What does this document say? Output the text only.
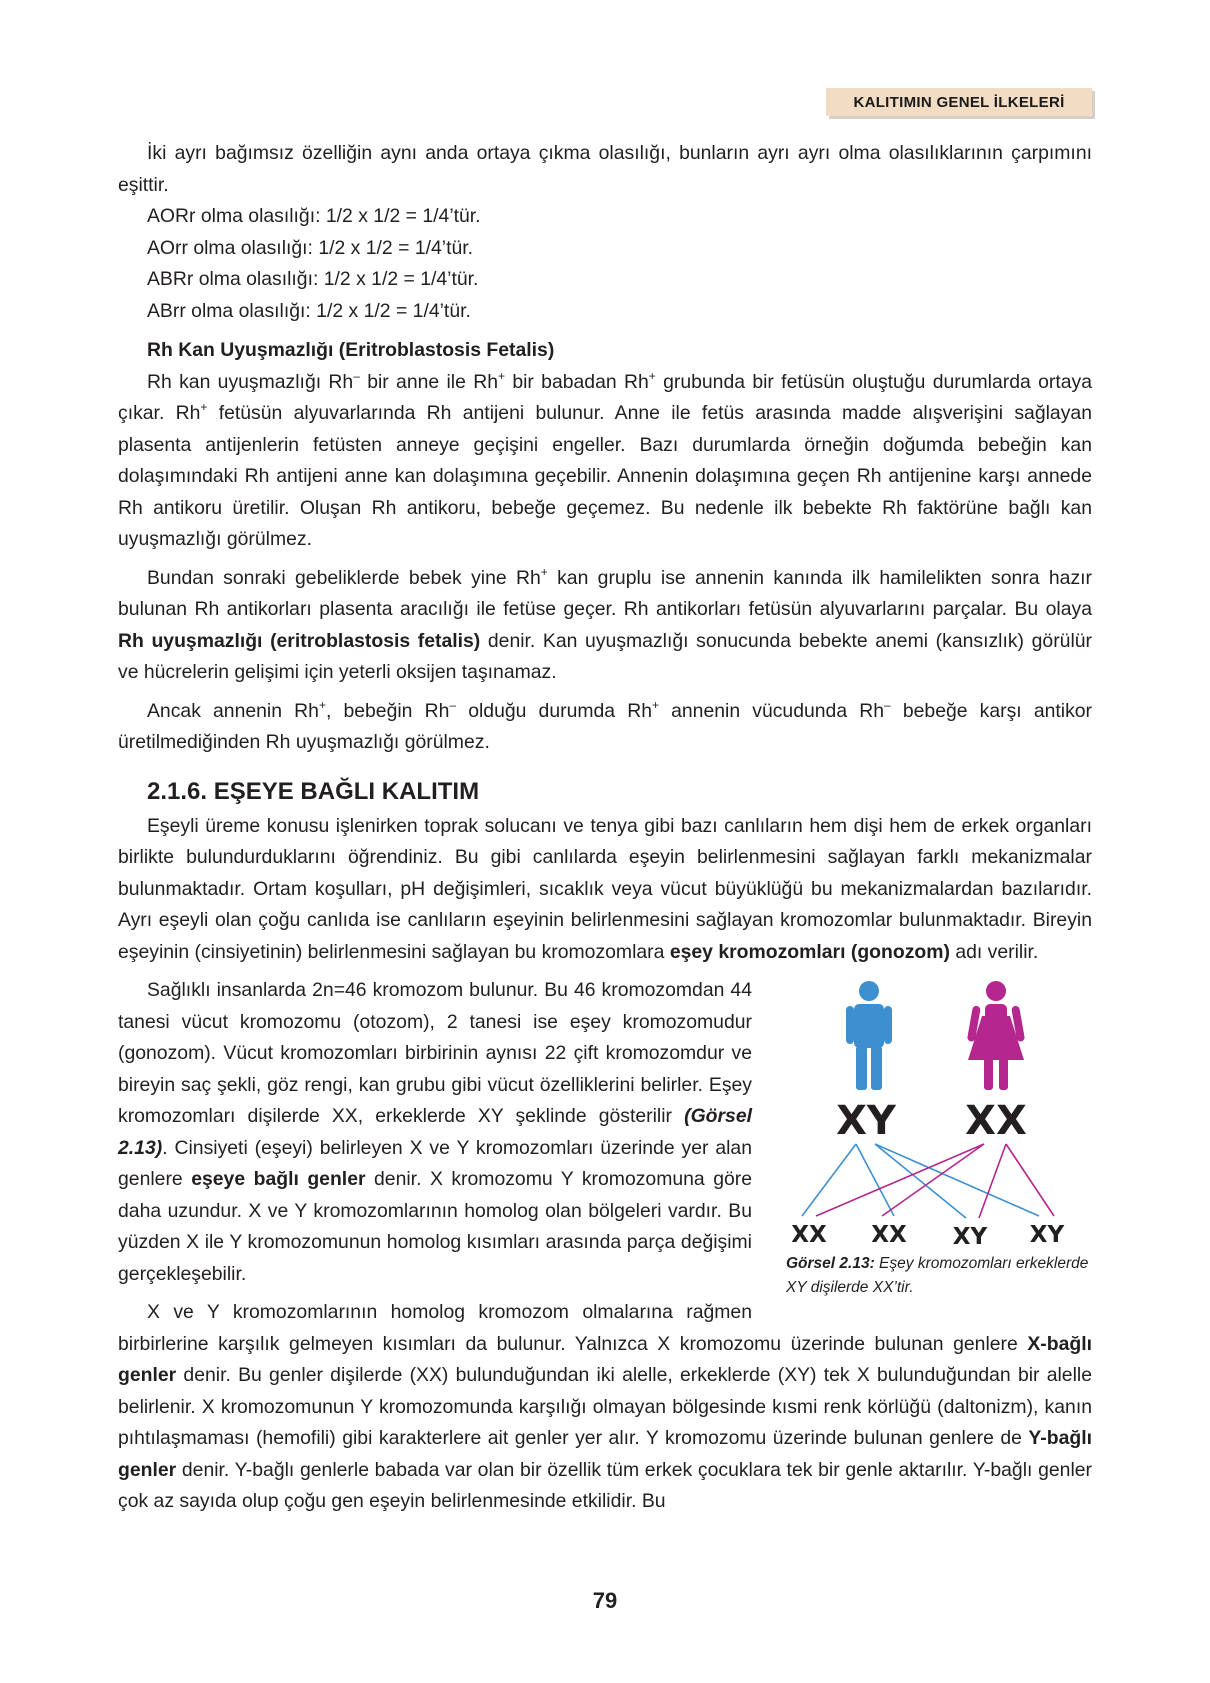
KALITIMIN GENEL İLKELERİ

İki ayrı bağımsız özelliğin aynı anda ortaya çıkma olasılığı, bunların ayrı ayrı olma olasılıklarının çarpımını eşittir.

AORr olma olasılığı: 1/2 x 1/2 = 1/4’tür.
AOrr olma olasılığı: 1/2 x 1/2 = 1/4’tür.
ABRr olma olasılığı: 1/2 x 1/2 = 1/4’tür.
ABrr olma olasılığı: 1/2 x 1/2 = 1/4’tür.
Rh Kan Uyuşmazlığı (Eritroblastosis Fetalis)

Rh kan uyuşmazlığı Rh– bir anne ile Rh+ bir babadan Rh+ grubunda bir fetüsün oluştuğu durumlarda ortaya çıkar. Rh+ fetüsün alyuvarlarında Rh antijeni bulunur. Anne ile fetüs arasında madde alışverişini sağlayan plasenta antijenlerin fetüsten anneye geçişini engeller. Bazı durumlarda örneğin doğumda bebeğin kan dolaşımındaki Rh antijeni anne kan dolaşımına geçebilir. Annenin dolaşımına geçen Rh antijenine karşı annede Rh antikoru üretilir. Oluşan Rh antikoru, bebeğe geçemez. Bu nedenle ilk bebekte Rh faktörüne bağlı kan uyuşmazlığı görülmez.

Bundan sonraki gebeliklerde bebek yine Rh+ kan gruplu ise annenin kanında ilk hamilelikten sonra hazır bulunan Rh antikorları plasenta aracılığı ile fetüse geçer. Rh antikorları fetüsün alyuvarlarını parçalar. Bu olaya Rh uyuşmazlığı (eritroblastosis fetalis) denir. Kan uyuşmazlığı sonucunda bebekte anemi (kansızlık) görülür ve hücrelerin gelişimi için yeterli oksijen taşınamaz.

Ancak annenin Rh+, bebeğin Rh– olduğu durumda Rh+ annenin vücudunda Rh– bebeğe karşı antikor üretilmediğinden Rh uyuşmazlığı görülmez.

2.1.6. EŞEYE BAĞLI KALITIM

Eşeyli üreme konusu işlenirken toprak solucanı ve tenya gibi bazı canlıların hem dişi hem de erkek organları birlikte bulundurduklarını öğrendiniz. Bu gibi canlılarda eşeyin belirlenmesini sağlayan farklı mekanizmalar bulunmaktadır. Ortam koşulları, pH değişimleri, sıcaklık veya vücut büyüklüğü bu mekanizmalardan bazılarıdır. Ayrı eşeyli olan çoğu canlıda ise canlıların eşeyinin belirlenmesini sağlayan kromozomlar bulunmaktadır. Bireyin eşeyinin (cinsiyetinin) belirlenmesini sağlayan bu kromozomlara eşey kromozomları (gonozom) adı verilir.

XY XX
XX XX XY XY
Görsel 2.13: Eşey kromozomları erkeklerde XY dişilerde XX’tir.

Sağlıklı insanlarda 2n=46 kromozom bulunur. Bu 46 kromozomdan 44 tanesi vücut kromozomu (otozom), 2 tanesi ise eşey kromozomudur (gonozom). Vücut kromozomları birbirinin aynısı 22 çift kromozomdur ve bireyin saç şekli, göz rengi, kan grubu gibi vücut özelliklerini belirler. Eşey kromozomları dişilerde XX, erkeklerde XY şeklinde gösterilir (Görsel 2.13). Cinsiyeti (eşeyi) belirleyen X ve Y kromozomları üzerinde yer alan genlere eşeye bağlı genler denir. X kromozomu Y kromozomuna göre daha uzundur. X ve Y kromozomlarının homolog olan bölgeleri vardır. Bu yüzden X ile Y kromozomunun homolog kısımları arasında parça değişimi gerçekleşebilir.

X ve Y kromozomlarının homolog kromozom olmalarına rağmen birbirlerine karşılık gelmeyen kısımları da bulunur. Yalnızca X kromozomu üzerinde bulunan genlere X-bağlı genler denir. Bu genler dişilerde (XX) bulunduğundan iki alelle, erkeklerde (XY) tek X bulunduğundan bir alelle belirlenir. X kromozomunun Y kromozomunda karşılığı olmayan bölgesinde kısmi renk körlüğü (daltonizm), kanın pıhtılaşmaması (hemofili) gibi karakterlere ait genler yer alır. Y kromozomu üzerinde bulunan genlere de Y-bağlı genler denir. Y-bağlı genlerle babada var olan bir özellik tüm erkek çocuklara tek bir genle aktarılır. Y-bağlı genler çok az sayıda olup çoğu gen eşeyin belirlenmesinde etkilidir. Bu

79
